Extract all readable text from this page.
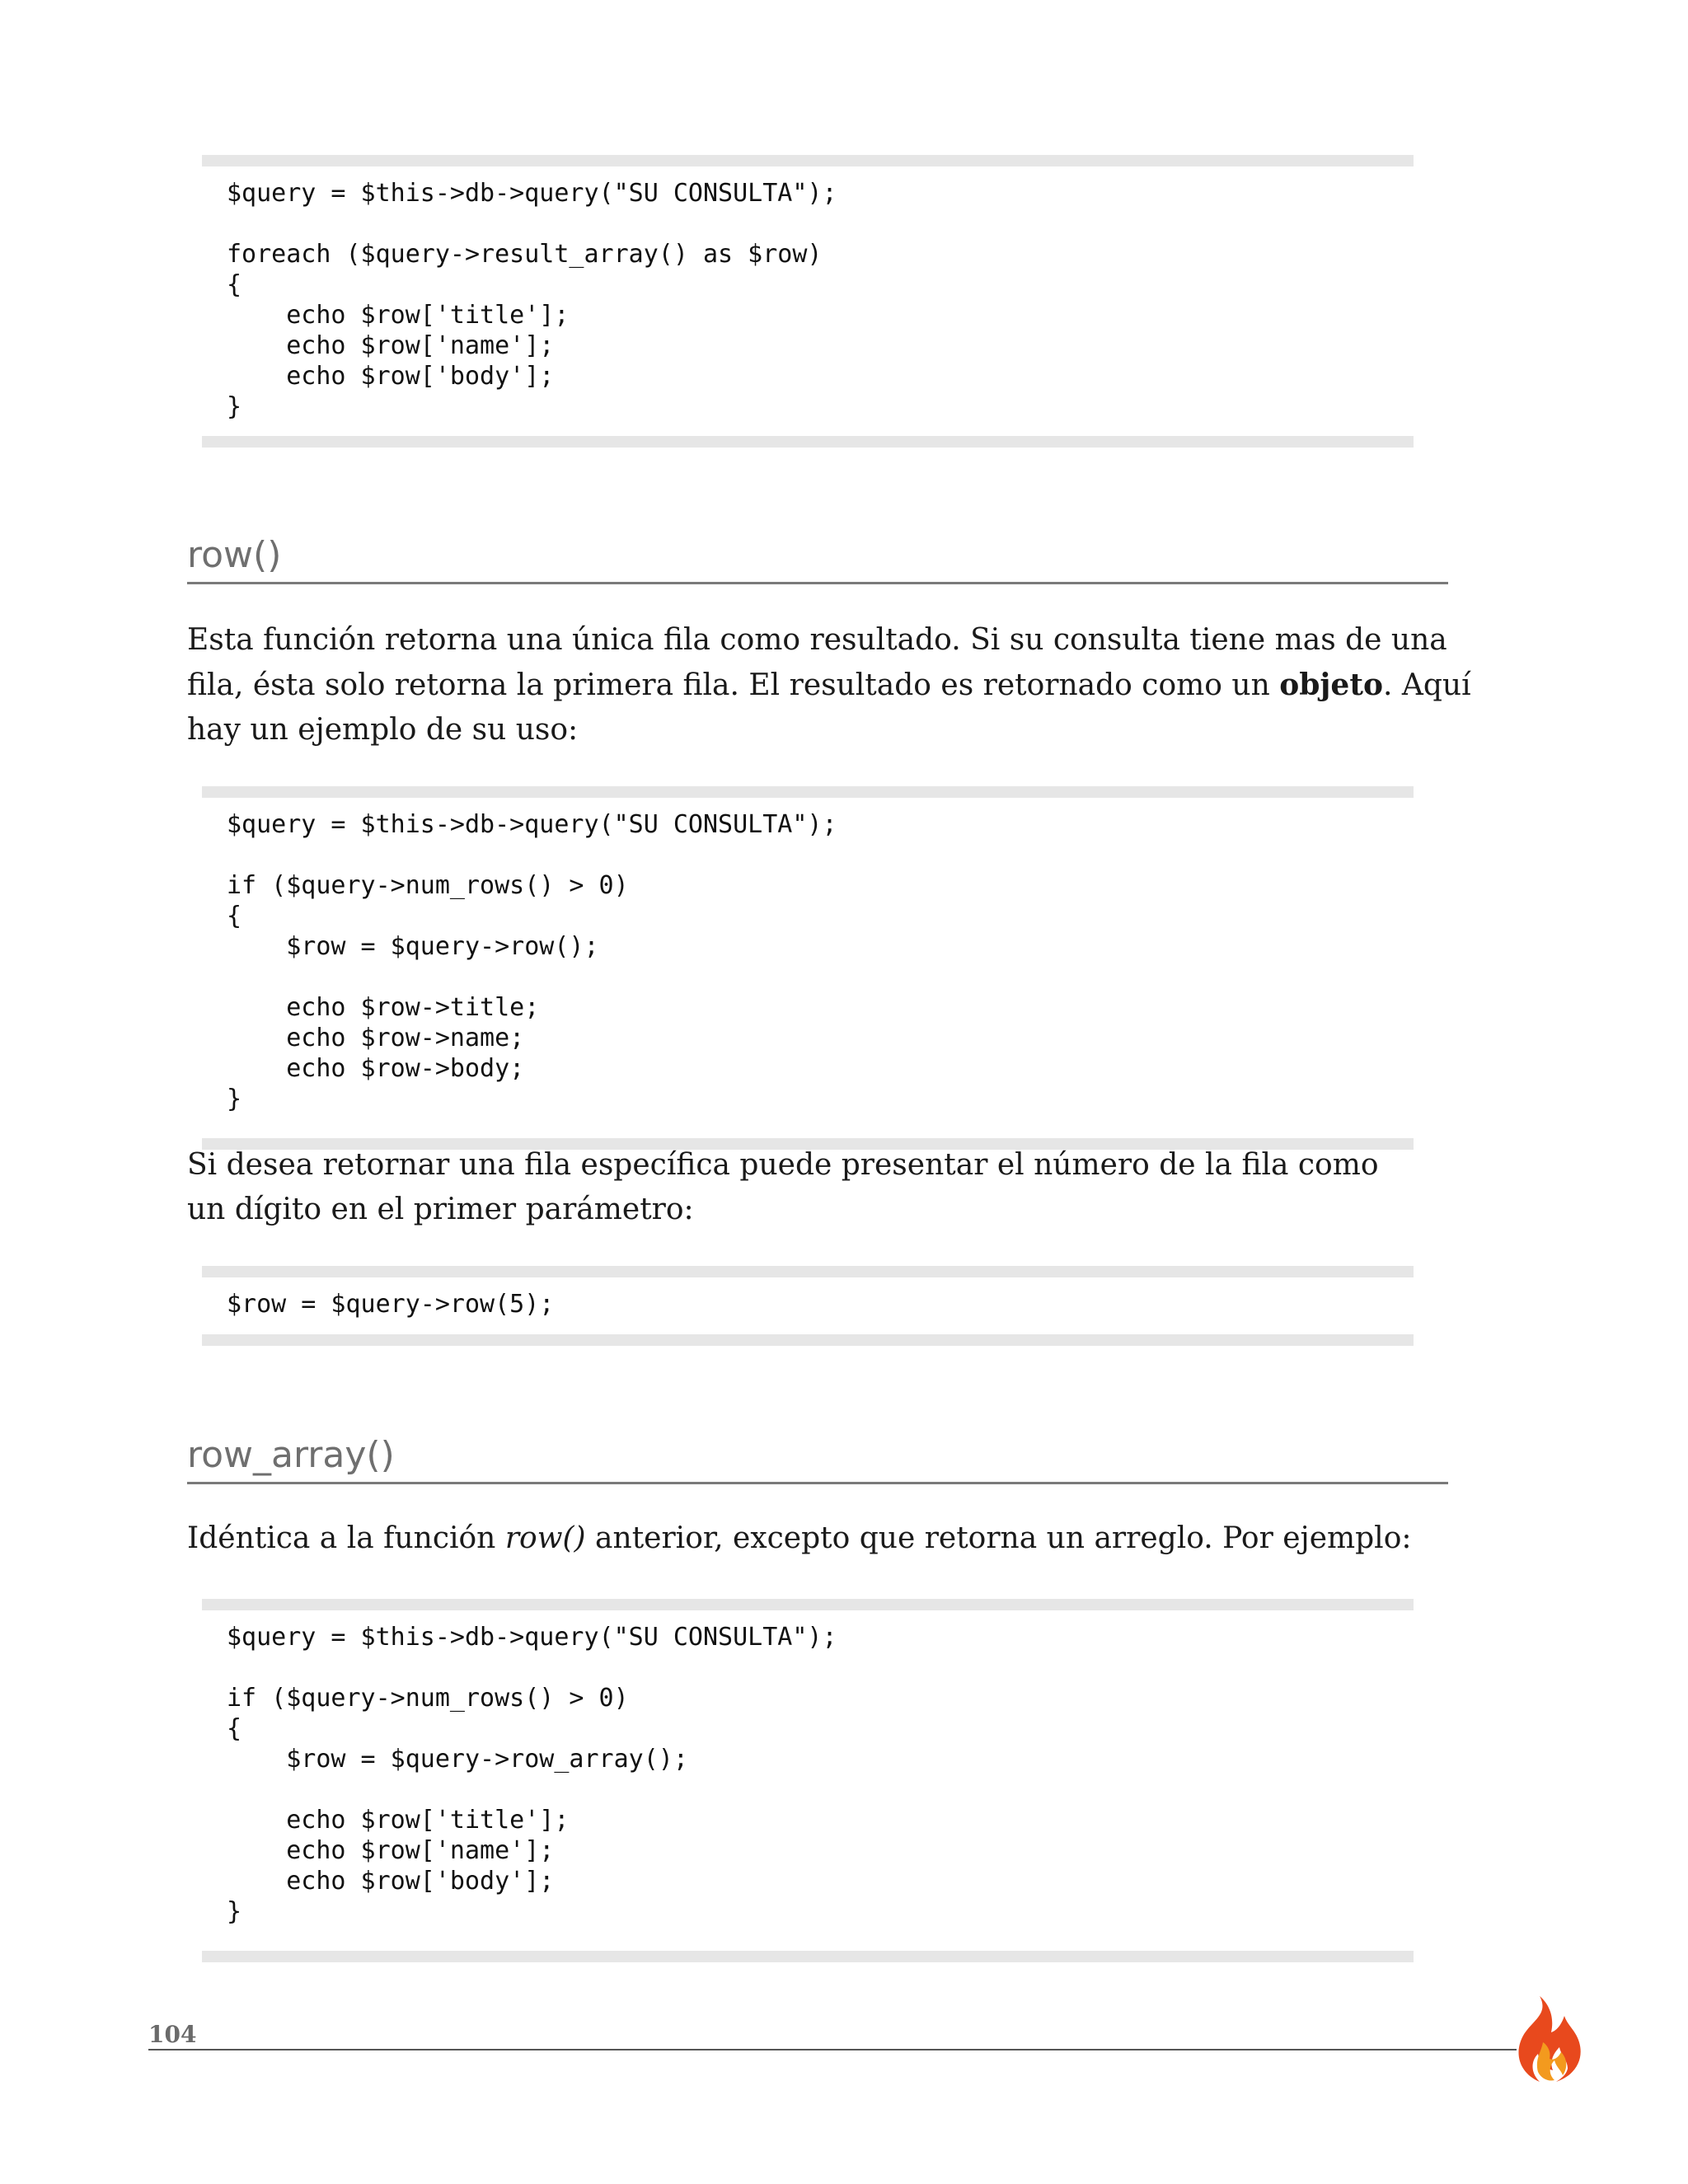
$query = $this->db->query("SU CONSULTA");

foreach ($query->result_array() as $row)
{
echo $row['title'];
echo $row['name'];
echo $row['body'];
}
row()

Esta función retorna una única fila como resultado. Si su consulta tiene mas de una fila, ésta solo retorna la primera fila. El resultado es retornado como un objeto. Aquí hay un ejemplo de su uso:

$query = $this->db->query("SU CONSULTA");

if ($query->num_rows() > 0)
{
$row = $query->row();

echo $row->title;
echo $row->name;
echo $row->body;
}

Si desea retornar una fila específica puede presentar el número de la fila como un dígito en el primer parámetro:

$row = $query->row(5);
row_array()

Idéntica a la función row() anterior, excepto que retorna un arreglo. Por ejemplo:

$query = $this->db->query("SU CONSULTA");

if ($query->num_rows() > 0)
{
$row = $query->row_array();

echo $row['title'];
echo $row['name'];
echo $row['body'];
}
104
